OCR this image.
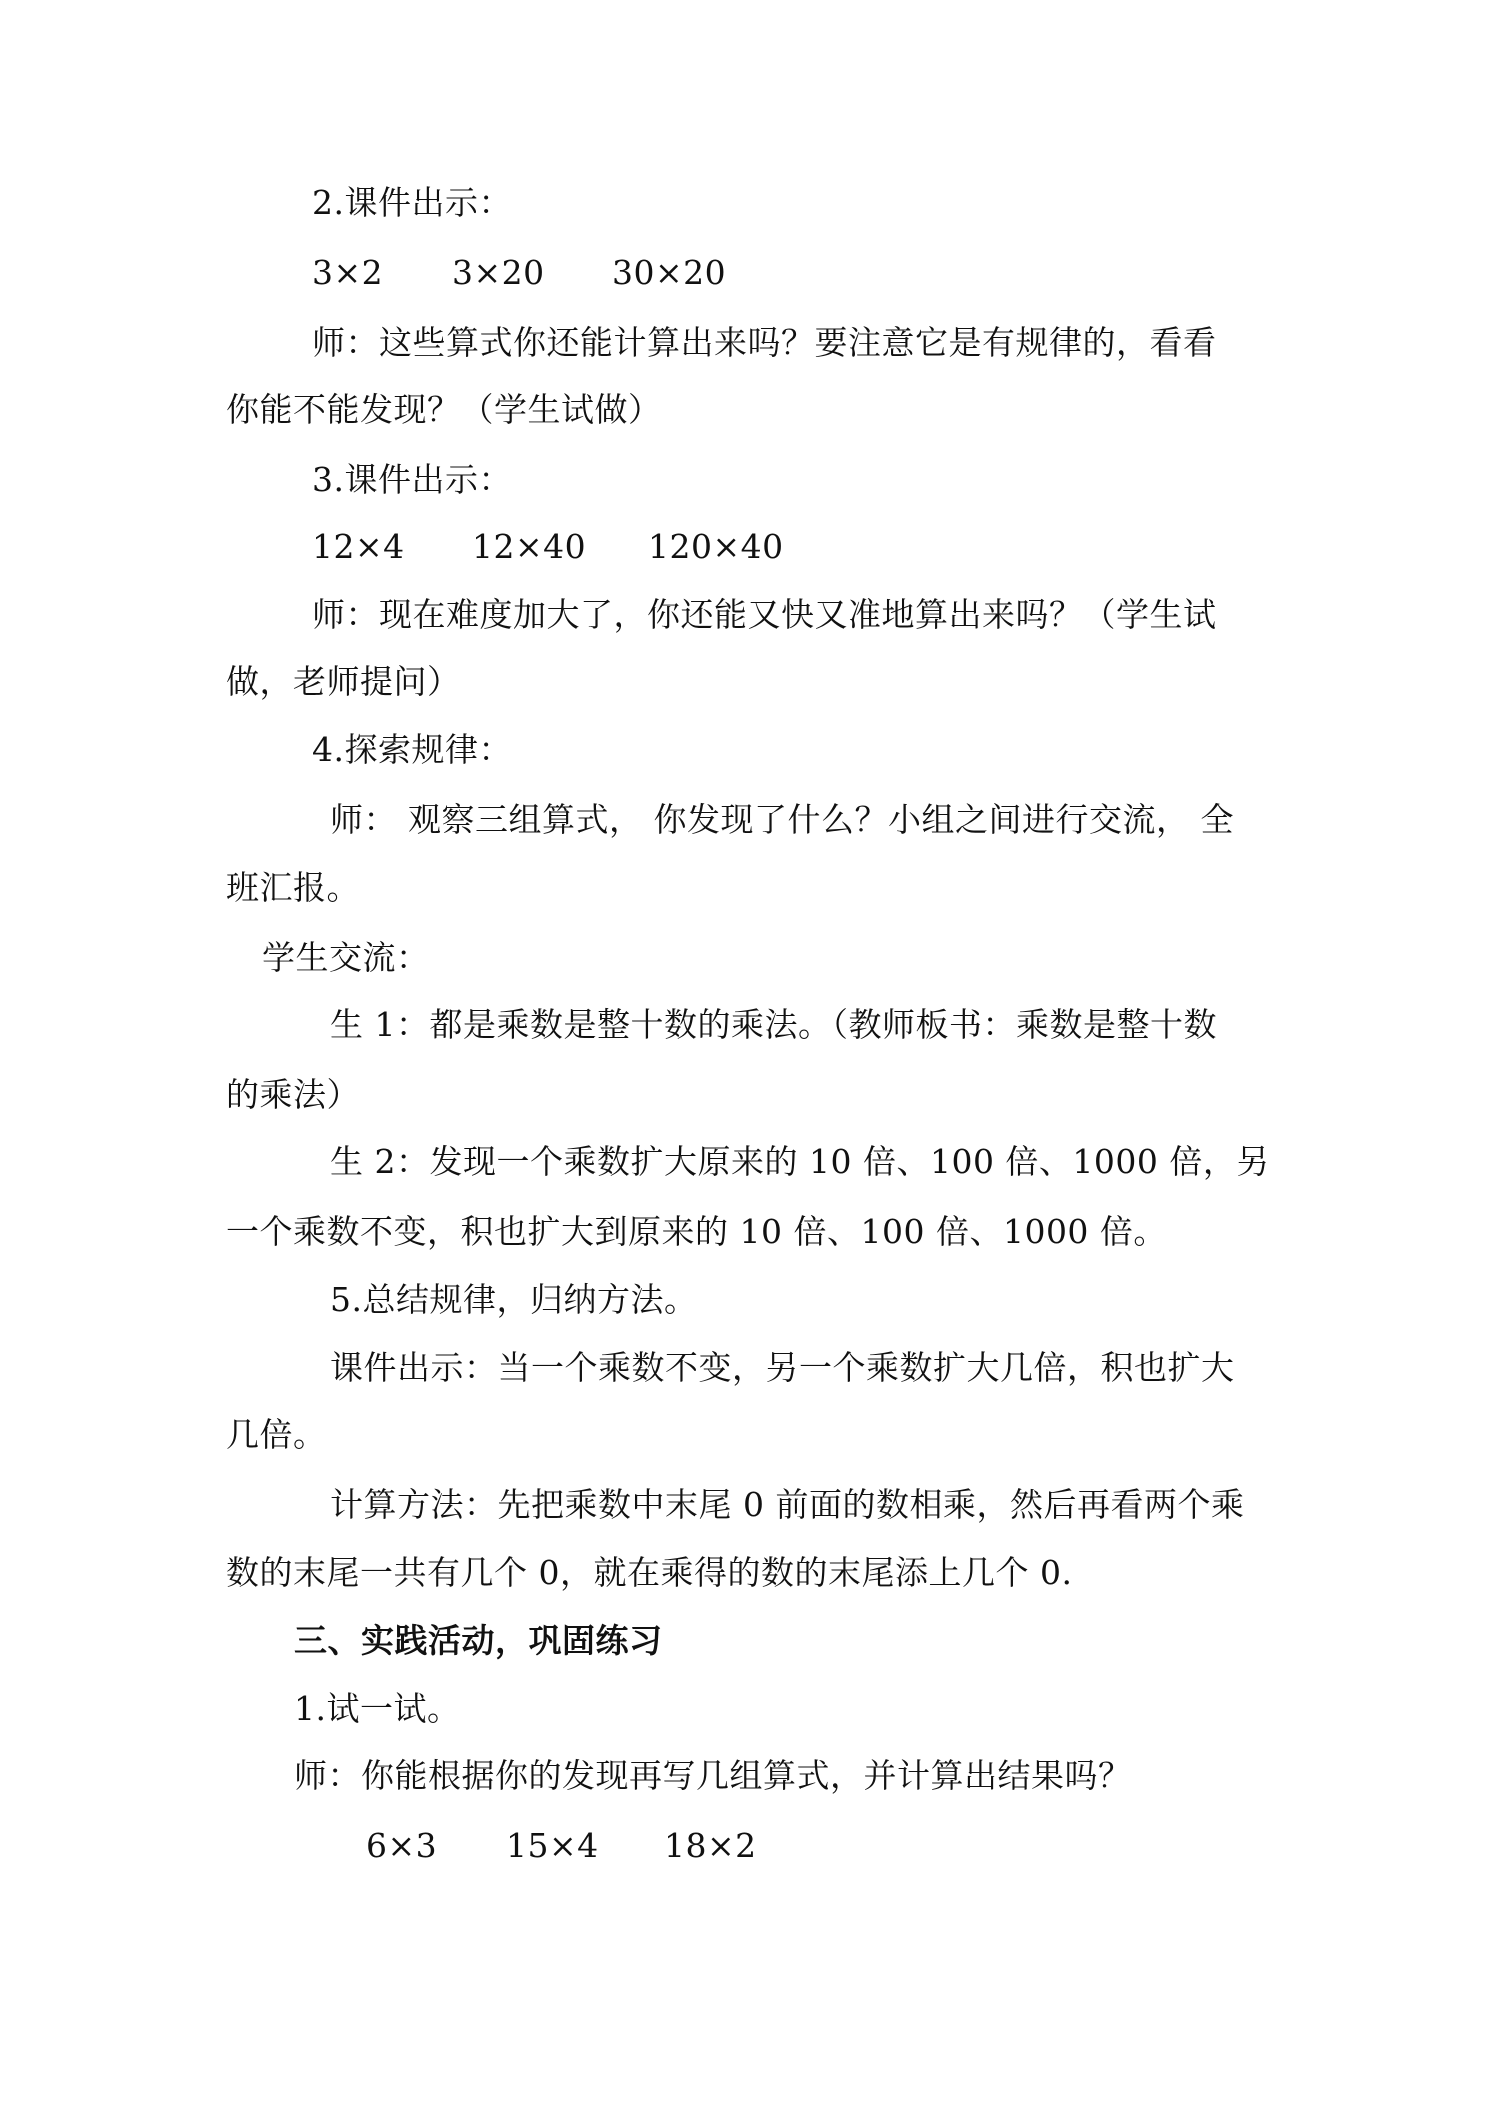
2.课件出示：
3×2 3×20 30×20
师：这些算式你还能计算出来吗？要注意它是有规律的，看看
你能不能发现？（学生试做）
3.课件出示：
12×4 12×40 120×40
师：现在难度加大了，你还能又快又准地算出来吗？（学生试
做，老师提问）
4.探索规律：
师： 观察三组算式， 你发现了什么？小组之间进行交流， 全
班汇报。
学生交流：
生 1：都是乘数是整十数的乘法。（教师板书：乘数是整十数
的乘法）
生 2：发现一个乘数扩大原来的 10 倍、100 倍、1000 倍，另
一个乘数不变，积也扩大到原来的 10 倍、100 倍、1000 倍。
5.总结规律，归纳方法。
课件出示：当一个乘数不变，另一个乘数扩大几倍，积也扩大
几倍。
计算方法：先把乘数中末尾 0 前面的数相乘，然后再看两个乘
数的末尾一共有几个 0，就在乘得的数的末尾添上几个 0.
三、实践活动，巩固练习
1.试一试。
师：你能根据你的发现再写几组算式，并计算出结果吗？
6×3 15×4 18×2
